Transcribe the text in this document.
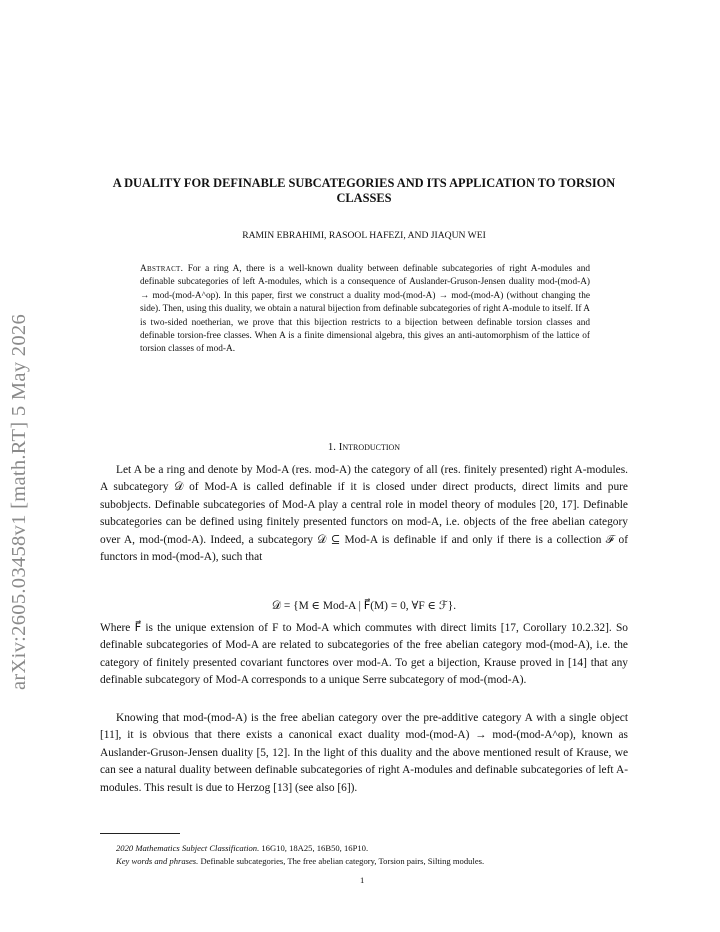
arXiv:2605.03458v1 [math.RT] 5 May 2026
A DUALITY FOR DEFINABLE SUBCATEGORIES AND ITS APPLICATION TO TORSION CLASSES
RAMIN EBRAHIMI, RASOOL HAFEZI, AND JIAQUN WEI
Abstract. For a ring A, there is a well-known duality between definable subcategories of right A-modules and definable subcategories of left A-modules, which is a consequence of Auslander-Gruson-Jensen duality mod-(mod-A) → mod-(mod-A^op). In this paper, first we construct a duality mod-(mod-A) → mod-(mod-A) (without changing the side). Then, using this duality, we obtain a natural bijection from definable subcategories of right A-module to itself. If A is two-sided noetherian, we prove that this bijection restricts to a bijection between definable torsion classes and definable torsion-free classes. When A is a finite dimensional algebra, this gives an anti-automorphism of the lattice of torsion classes of mod-A.
1. Introduction
Let A be a ring and denote by Mod-A (res. mod-A) the category of all (res. finitely presented) right A-modules. A subcategory 𝒟 of Mod-A is called definable if it is closed under direct products, direct limits and pure subobjects. Definable subcategories of Mod-A play a central role in model theory of modules [20, 17]. Definable subcategories can be defined using finitely presented functors on mod-A, i.e. objects of the free abelian category over A, mod-(mod-A). Indeed, a subcategory 𝒟 ⊆ Mod-A is definable if and only if there is a collection ℱ of functors in mod-(mod-A), such that
𝒟 = {M ∈ Mod-A | F⃗(M) = 0, ∀F ∈ ℱ}.
Where F⃗ is the unique extension of F to Mod-A which commutes with direct limits [17, Corollary 10.2.32]. So definable subcategories of Mod-A are related to subcategories of the free abelian category mod-(mod-A), i.e. the category of finitely presented covariant functores over mod-A. To get a bijection, Krause proved in [14] that any definable subcategory of Mod-A corresponds to a unique Serre subcategory of mod-(mod-A).
Knowing that mod-(mod-A) is the free abelian category over the pre-additive category A with a single object [11], it is obvious that there exists a canonical exact duality mod-(mod-A) → mod-(mod-A^op), known as Auslander-Gruson-Jensen duality [5, 12]. In the light of this duality and the above mentioned result of Krause, we can see a natural duality between definable subcategories of right A-modules and definable subcategories of left A-modules. This result is due to Herzog [13] (see also [6]).
2020 Mathematics Subject Classification. 16G10, 18A25, 16B50, 16P10.
Key words and phrases. Definable subcategories, The free abelian category, Torsion pairs, Silting modules.
1
